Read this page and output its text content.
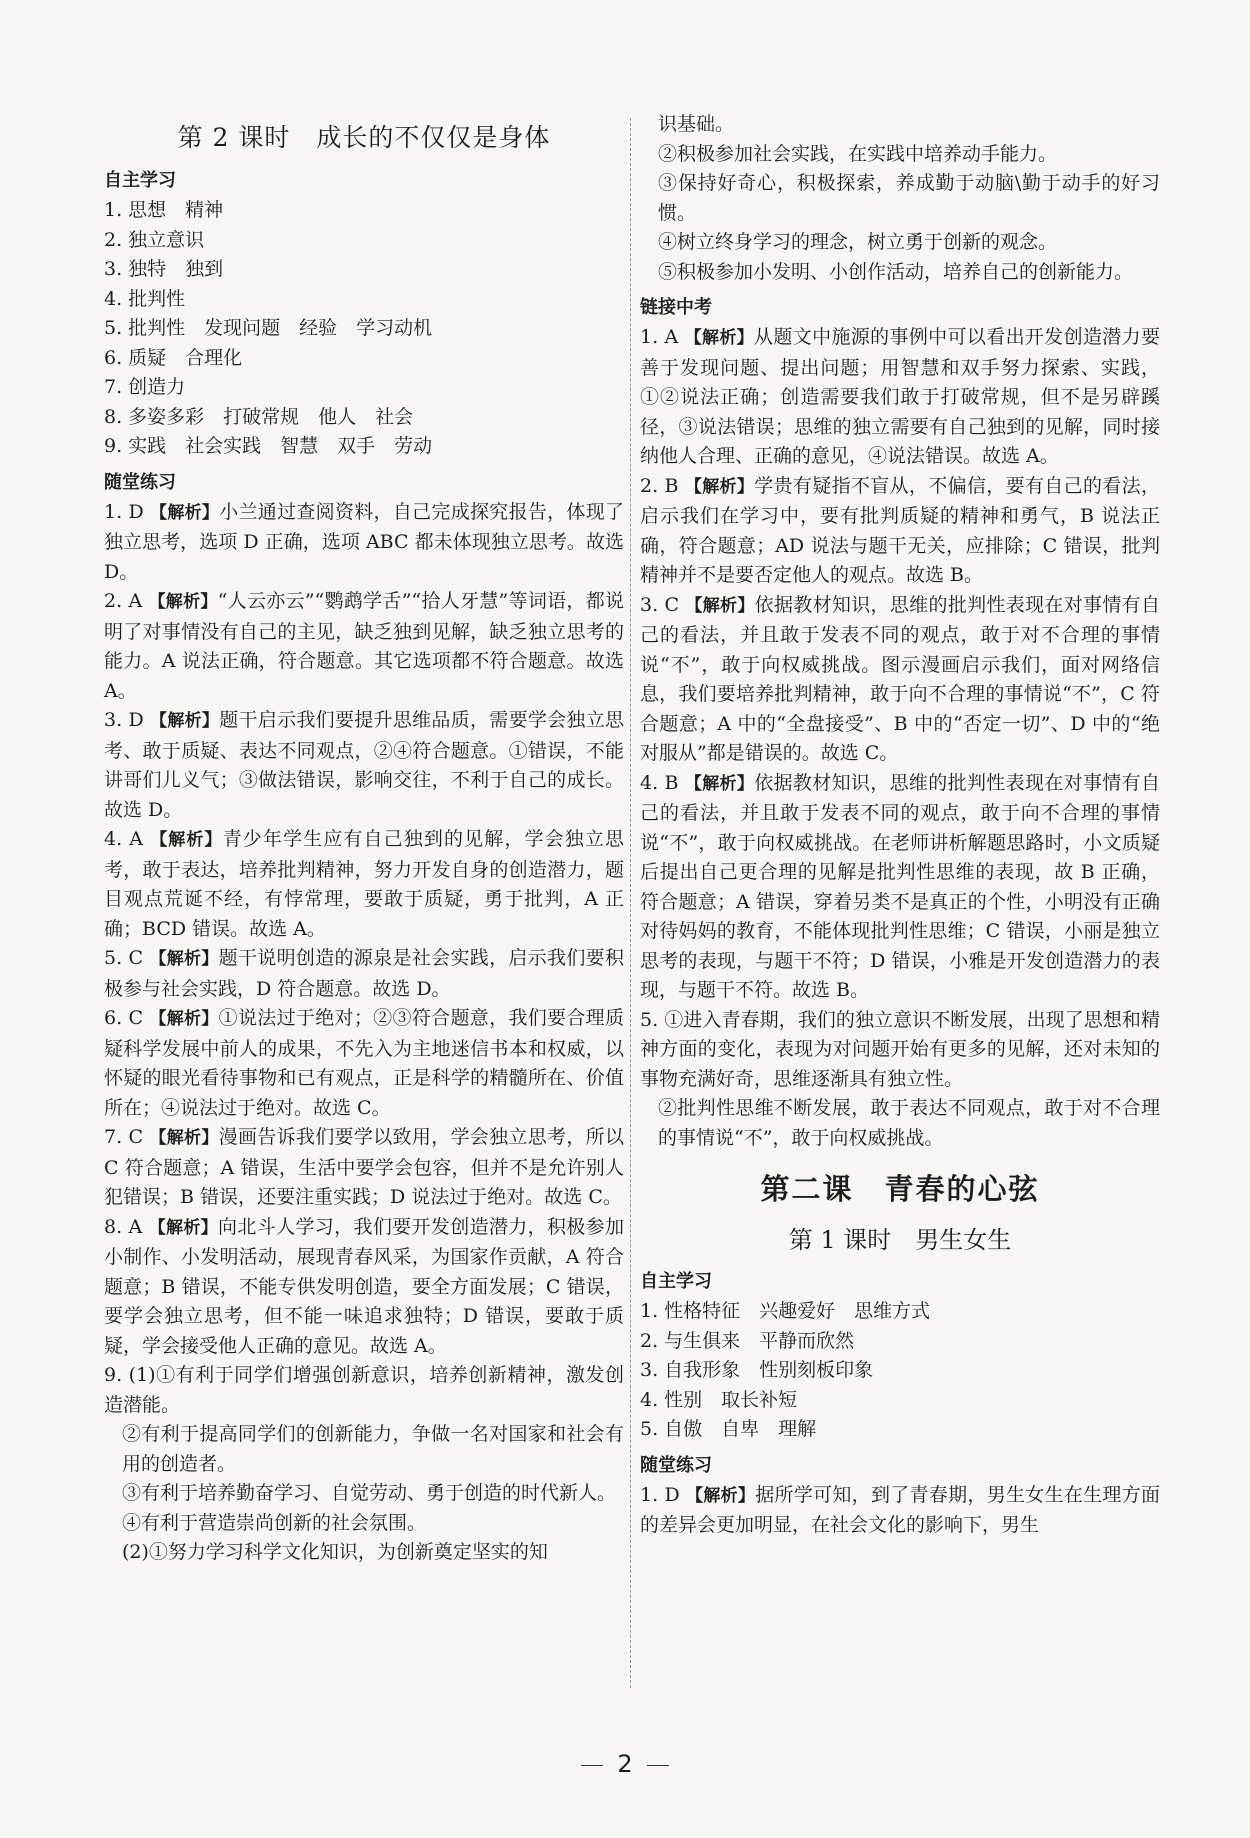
第 2 课时　成长的不仅仅是身体
自主学习
1. 思想　精神
2. 独立意识
3. 独特　独到
4. 批判性
5. 批判性　发现问题　经验　学习动机
6. 质疑　合理化
7. 创造力
8. 多姿多彩　打破常规　他人　社会
9. 实践　社会实践　智慧　双手　劳动
随堂练习
1. D 【解析】小兰通过查阅资料，自己完成探究报告，体现了独立思考，选项 D 正确，选项 ABC 都未体现独立思考。故选 D。
2. A 【解析】“人云亦云”“鹦鹉学舌”“拾人牙慧”等词语，都说明了对事情没有自己的主见，缺乏独到见解，缺乏独立思考的能力。A 说法正确，符合题意。其它选项都不符合题意。故选 A。
3. D 【解析】题干启示我们要提升思维品质，需要学会独立思考、敢于质疑、表达不同观点，②④符合题意。①错误，不能讲哥们儿义气；③做法错误，影响交往，不利于自己的成长。故选 D。
4. A 【解析】青少年学生应有自己独到的见解，学会独立思考，敢于表达，培养批判精神，努力开发自身的创造潜力，题目观点荒诞不经，有悖常理，要敢于质疑，勇于批判，A 正确；BCD 错误。故选 A。
5. C 【解析】题干说明创造的源泉是社会实践，启示我们要积极参与社会实践，D 符合题意。故选 D。
6. C 【解析】①说法过于绝对；②③符合题意，我们要合理质疑科学发展中前人的成果，不先入为主地迷信书本和权威，以怀疑的眼光看待事物和已有观点，正是科学的精髓所在、价值所在；④说法过于绝对。故选 C。
7. C 【解析】漫画告诉我们要学以致用，学会独立思考，所以 C 符合题意；A 错误，生活中要学会包容，但并不是允许别人犯错误；B 错误，还要注重实践；D 说法过于绝对。故选 C。
8. A 【解析】向北斗人学习，我们要开发创造潜力，积极参加小制作、小发明活动，展现青春风采，为国家作贡献，A 符合题意；B 错误，不能专供发明创造，要全方面发展；C 错误，要学会独立思考，但不能一味追求独特；D 错误，要敢于质疑，学会接受他人正确的意见。故选 A。
9. (1)①有利于同学们增强创新意识，培养创新精神，激发创造潜能。
②有利于提高同学们的创新能力，争做一名对国家和社会有用的创造者。
③有利于培养勤奋学习、自觉劳动、勇于创造的时代新人。
④有利于营造崇尚创新的社会氛围。
(2)①努力学习科学文化知识，为创新奠定坚实的知
识基础。
②积极参加社会实践，在实践中培养动手能力。
③保持好奇心，积极探索，养成勤于动脑\勤于动手的好习惯。
④树立终身学习的理念，树立勇于创新的观念。
⑤积极参加小发明、小创作活动，培养自己的创新能力。
链接中考
1. A 【解析】从题文中施源的事例中可以看出开发创造潜力要善于发现问题、提出问题；用智慧和双手努力探索、实践，①②说法正确；创造需要我们敢于打破常规，但不是另辟蹊径，③说法错误；思维的独立需要有自己独到的见解，同时接纳他人合理、正确的意见，④说法错误。故选 A。
2. B 【解析】学贵有疑指不盲从，不偏信，要有自己的看法，启示我们在学习中，要有批判质疑的精神和勇气，B 说法正确，符合题意；AD 说法与题干无关，应排除；C 错误，批判精神并不是要否定他人的观点。故选 B。
3. C 【解析】依据教材知识，思维的批判性表现在对事情有自己的看法，并且敢于发表不同的观点，敢于对不合理的事情说“不”，敢于向权威挑战。图示漫画启示我们，面对网络信息，我们要培养批判精神，敢于向不合理的事情说“不”，C 符合题意；A 中的“全盘接受”、B 中的“否定一切”、D 中的“绝对服从”都是错误的。故选 C。
4. B 【解析】依据教材知识，思维的批判性表现在对事情有自己的看法，并且敢于发表不同的观点，敢于向不合理的事情说“不”，敢于向权威挑战。在老师讲析解题思路时，小文质疑后提出自己更合理的见解是批判性思维的表现，故 B 正确，符合题意；A 错误，穿着另类不是真正的个性，小明没有正确对待妈妈的教育，不能体现批判性思维；C 错误，小丽是独立思考的表现，与题干不符；D 错误，小雅是开发创造潜力的表现，与题干不符。故选 B。
5. ①进入青春期，我们的独立意识不断发展，出现了思想和精神方面的变化，表现为对问题开始有更多的见解，还对未知的事物充满好奇，思维逐渐具有独立性。
②批判性思维不断发展，敢于表达不同观点，敢于对不合理的事情说“不”，敢于向权威挑战。
第二课　青春的心弦
第 1 课时　男生女生
自主学习
1. 性格特征　兴趣爱好　思维方式
2. 与生俱来　平静而欣然
3. 自我形象　性别刻板印象
4. 性别　取长补短
5. 自傲　自卑　理解
随堂练习
1. D 【解析】据所学可知，到了青春期，男生女生在生理方面的差异会更加明显，在社会文化的影响下，男生
2
